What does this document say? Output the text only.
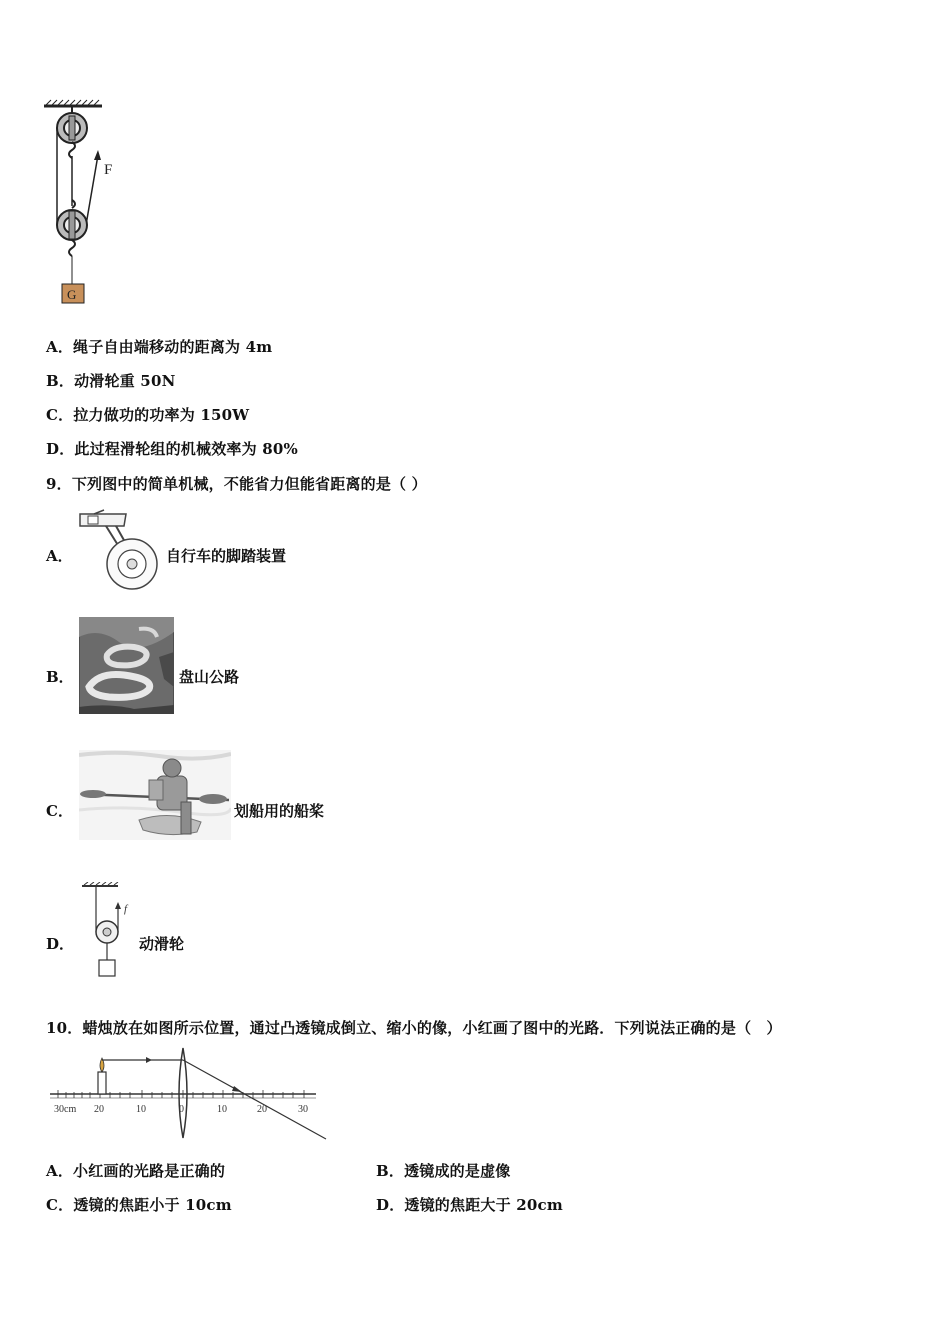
F
G
A．绳子自由端移动的距离为 4m
B．动滑轮重 50N
C．拉力做功的功率为 150W
D．此过程滑轮组的机械效率为 80%
9．下列图中的简单机械，不能省力但能省距离的是（ ）
A．	自行车的脚踏装置
B．	盘山公路
C．	划船用的船桨
D．
f
动滑轮
10．蜡烛放在如图所示位置，通过凸透镜成倒立、缩小的像，小红画了图中的光路．下列说法正确的是（　）
30cm 20	10	0	10	20	30
A．小红画的光路是正确的	B．透镜成的是虚像
C．透镜的焦距小于 10cm	D．透镜的焦距大于 20cm
